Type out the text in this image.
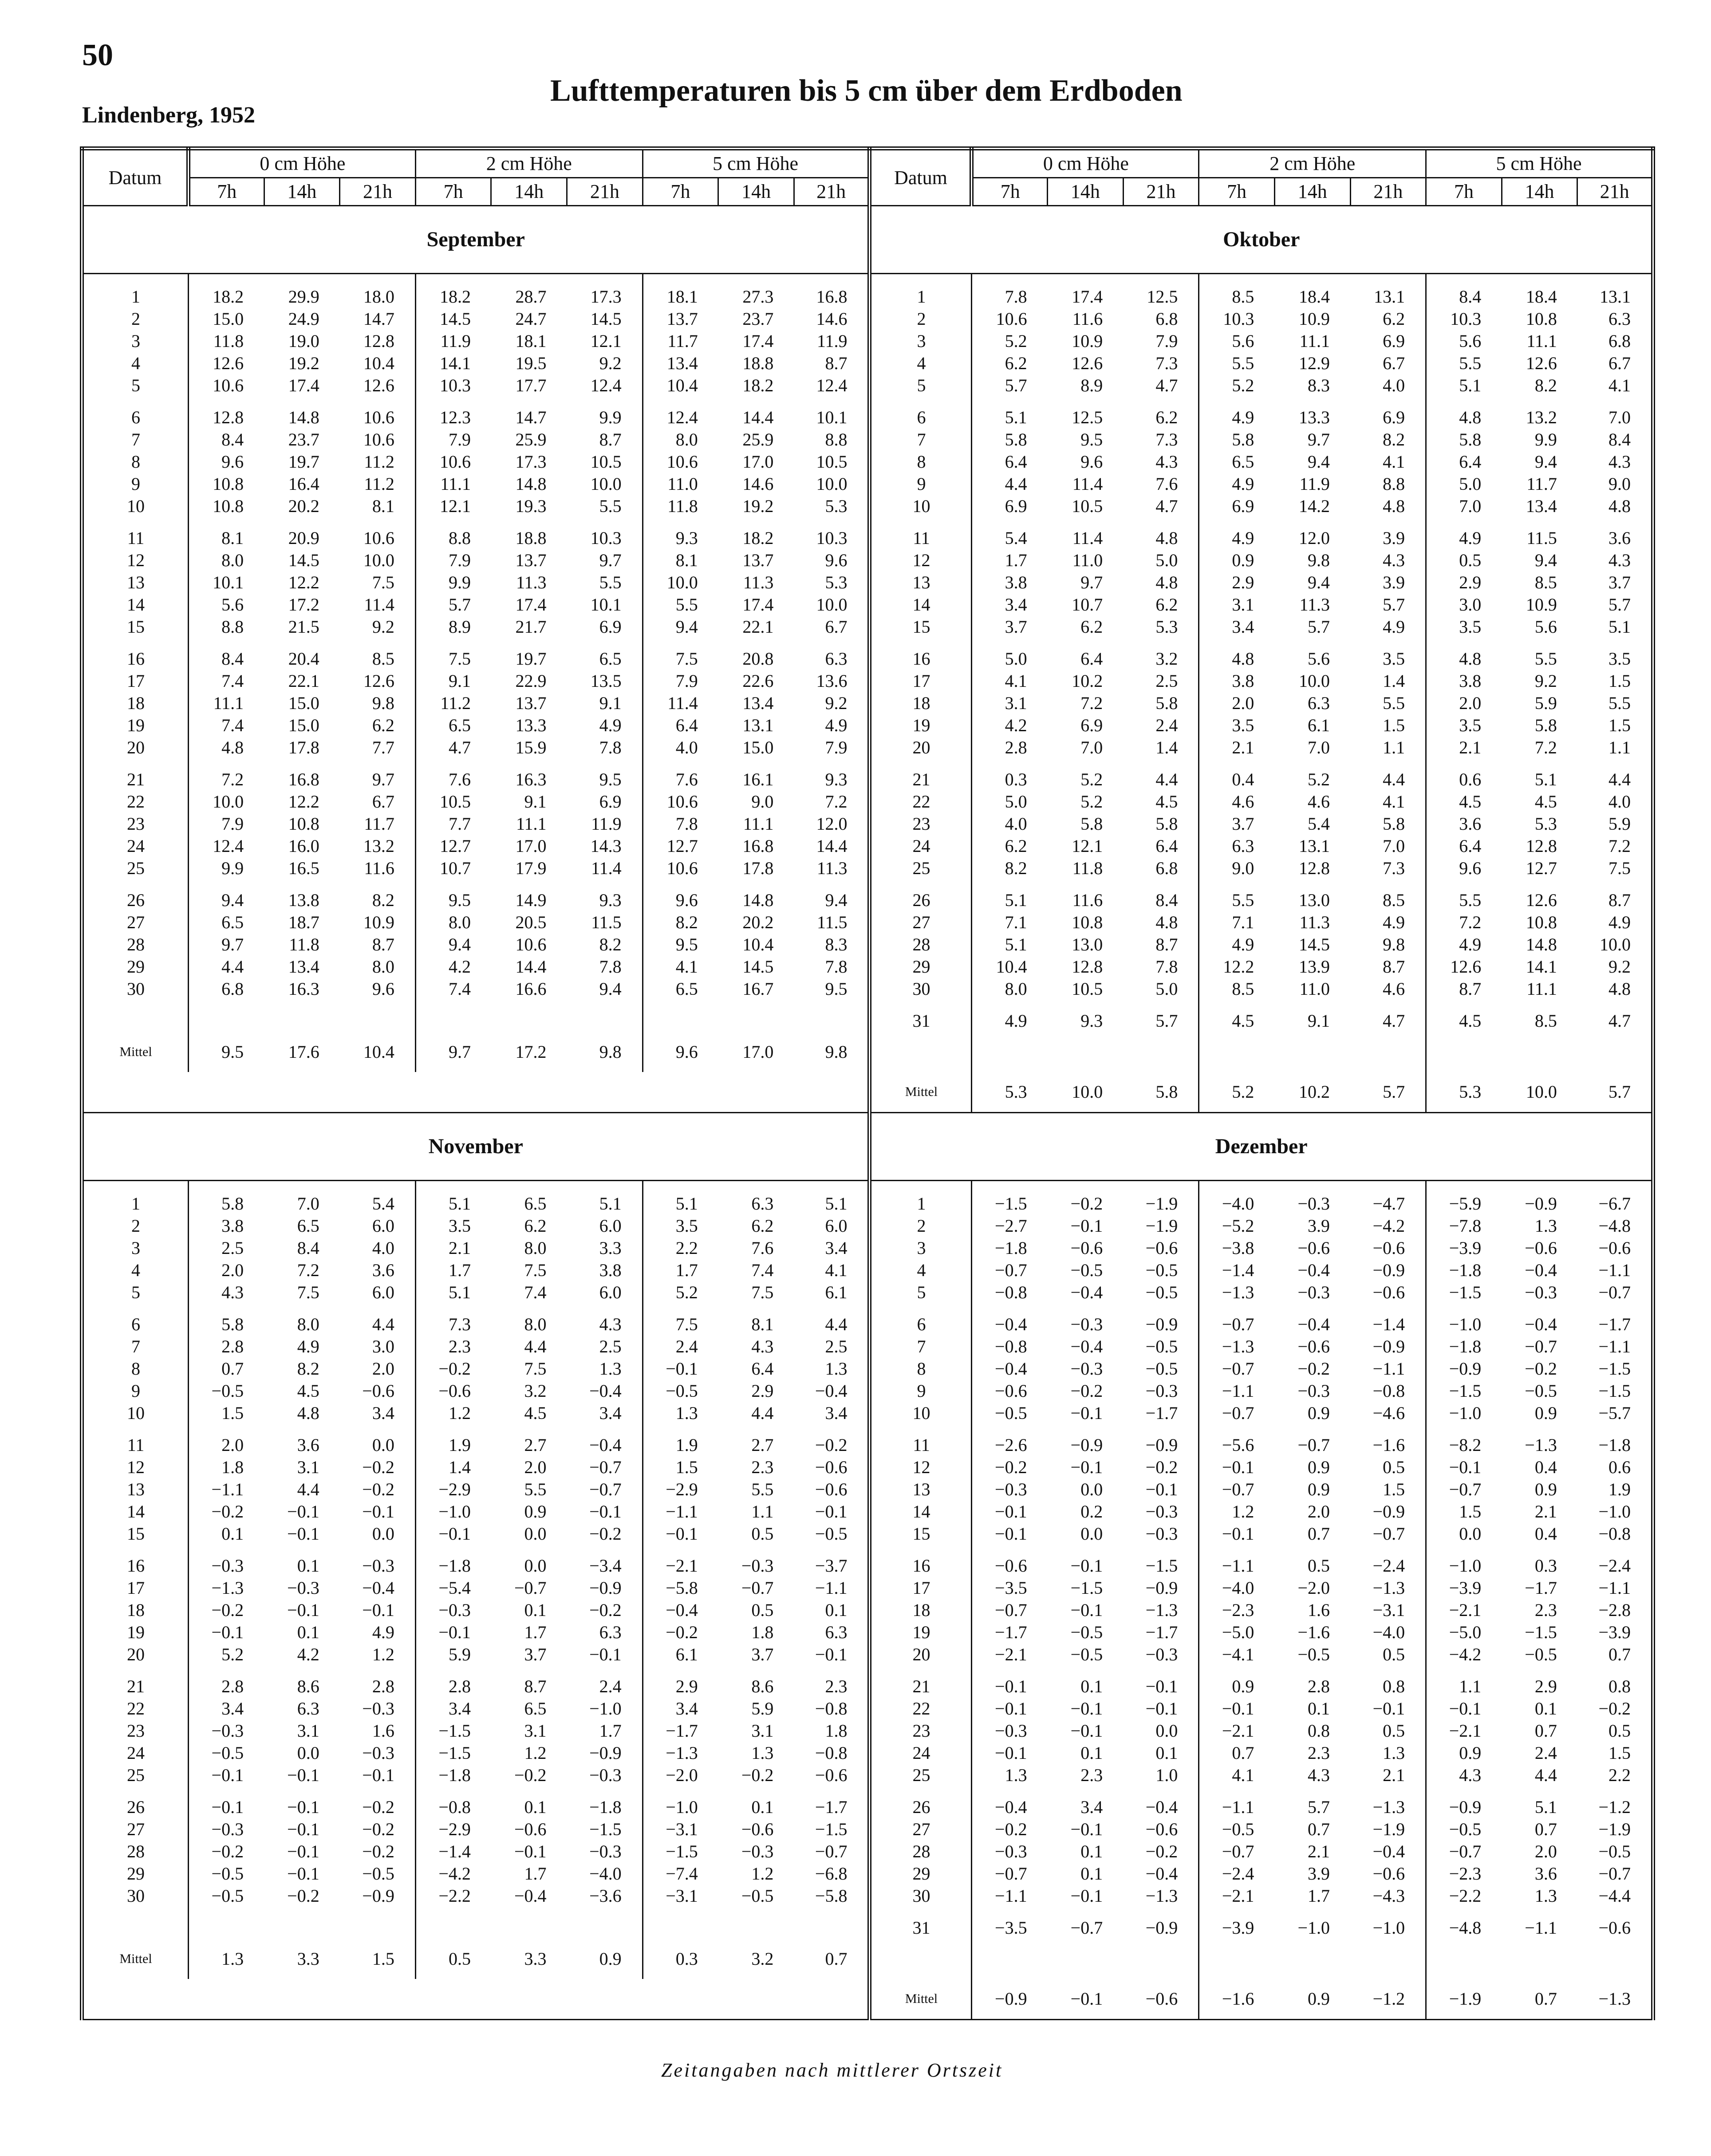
50
Lindenberg, 1952
Lufttemperaturen bis 5 cm über dem Erdboden
Datum	0 cm Höhe			2 cm Höhe			5 cm Höhe			Datum	0 cm Höhe			2 cm Höhe			5 cm Höhe		
	7h	14h	21h	7h	14h	21h	7h	14h	21h		7h	14h	21h	7h	14h	21h	7h	14h	21h
September										Oktober									

1	18.2	29.9	18.0	18.2	28.7	17.3	18.1	27.3	16.8	1	7.8	17.4	12.5	8.5	18.4	13.1	8.4	18.4	13.1
2	15.0	24.9	14.7	14.5	24.7	14.5	13.7	23.7	14.6	2	10.6	11.6	6.8	10.3	10.9	6.2	10.3	10.8	6.3
3	11.8	19.0	12.8	11.9	18.1	12.1	11.7	17.4	11.9	3	5.2	10.9	7.9	5.6	11.1	6.9	5.6	11.1	6.8
4	12.6	19.2	10.4	14.1	19.5	9.2	13.4	18.8	8.7	4	6.2	12.6	7.3	5.5	12.9	6.7	5.5	12.6	6.7
5	10.6	17.4	12.6	10.3	17.7	12.4	10.4	18.2	12.4	5	5.7	8.9	4.7	5.2	8.3	4.0	5.1	8.2	4.1
6	12.8	14.8	10.6	12.3	14.7	9.9	12.4	14.4	10.1	6	5.1	12.5	6.2	4.9	13.3	6.9	4.8	13.2	7.0
7	8.4	23.7	10.6	7.9	25.9	8.7	8.0	25.9	8.8	7	5.8	9.5	7.3	5.8	9.7	8.2	5.8	9.9	8.4
8	9.6	19.7	11.2	10.6	17.3	10.5	10.6	17.0	10.5	8	6.4	9.6	4.3	6.5	9.4	4.1	6.4	9.4	4.3
9	10.8	16.4	11.2	11.1	14.8	10.0	11.0	14.6	10.0	9	4.4	11.4	7.6	4.9	11.9	8.8	5.0	11.7	9.0
10	10.8	20.2	8.1	12.1	19.3	5.5	11.8	19.2	5.3	10	6.9	10.5	4.7	6.9	14.2	4.8	7.0	13.4	4.8
11	8.1	20.9	10.6	8.8	18.8	10.3	9.3	18.2	10.3	11	5.4	11.4	4.8	4.9	12.0	3.9	4.9	11.5	3.6
12	8.0	14.5	10.0	7.9	13.7	9.7	8.1	13.7	9.6	12	1.7	11.0	5.0	0.9	9.8	4.3	0.5	9.4	4.3
13	10.1	12.2	7.5	9.9	11.3	5.5	10.0	11.3	5.3	13	3.8	9.7	4.8	2.9	9.4	3.9	2.9	8.5	3.7
14	5.6	17.2	11.4	5.7	17.4	10.1	5.5	17.4	10.0	14	3.4	10.7	6.2	3.1	11.3	5.7	3.0	10.9	5.7
15	8.8	21.5	9.2	8.9	21.7	6.9	9.4	22.1	6.7	15	3.7	6.2	5.3	3.4	5.7	4.9	3.5	5.6	5.1
16	8.4	20.4	8.5	7.5	19.7	6.5	7.5	20.8	6.3	16	5.0	6.4	3.2	4.8	5.6	3.5	4.8	5.5	3.5
17	7.4	22.1	12.6	9.1	22.9	13.5	7.9	22.6	13.6	17	4.1	10.2	2.5	3.8	10.0	1.4	3.8	9.2	1.5
18	11.1	15.0	9.8	11.2	13.7	9.1	11.4	13.4	9.2	18	3.1	7.2	5.8	2.0	6.3	5.5	2.0	5.9	5.5
19	7.4	15.0	6.2	6.5	13.3	4.9	6.4	13.1	4.9	19	4.2	6.9	2.4	3.5	6.1	1.5	3.5	5.8	1.5
20	4.8	17.8	7.7	4.7	15.9	7.8	4.0	15.0	7.9	20	2.8	7.0	1.4	2.1	7.0	1.1	2.1	7.2	1.1
21	7.2	16.8	9.7	7.6	16.3	9.5	7.6	16.1	9.3	21	0.3	5.2	4.4	0.4	5.2	4.4	0.6	5.1	4.4
22	10.0	12.2	6.7	10.5	9.1	6.9	10.6	9.0	7.2	22	5.0	5.2	4.5	4.6	4.6	4.1	4.5	4.5	4.0
23	7.9	10.8	11.7	7.7	11.1	11.9	7.8	11.1	12.0	23	4.0	5.8	5.8	3.7	5.4	5.8	3.6	5.3	5.9
24	12.4	16.0	13.2	12.7	17.0	14.3	12.7	16.8	14.4	24	6.2	12.1	6.4	6.3	13.1	7.0	6.4	12.8	7.2
25	9.9	16.5	11.6	10.7	17.9	11.4	10.6	17.8	11.3	25	8.2	11.8	6.8	9.0	12.8	7.3	9.6	12.7	7.5
26	9.4	13.8	8.2	9.5	14.9	9.3	9.6	14.8	9.4	26	5.1	11.6	8.4	5.5	13.0	8.5	5.5	12.6	8.7
27	6.5	18.7	10.9	8.0	20.5	11.5	8.2	20.2	11.5	27	7.1	10.8	4.8	7.1	11.3	4.9	7.2	10.8	4.9
28	9.7	11.8	8.7	9.4	10.6	8.2	9.5	10.4	8.3	28	5.1	13.0	8.7	4.9	14.5	9.8	4.9	14.8	10.0
29	4.4	13.4	8.0	4.2	14.4	7.8	4.1	14.5	7.8	29	10.4	12.8	7.8	12.2	13.9	8.7	12.6	14.1	9.2
30	6.8	16.3	9.6	7.4	16.6	9.4	6.5	16.7	9.5	30	8.0	10.5	5.0	8.5	11.0	4.6	8.7	11.1	4.8
										31	4.9	9.3	5.7	4.5	9.1	4.7	4.5	8.5	4.7
Mittel	9.5	17.6	10.4	9.7	17.2	9.8	9.6	17.0	9.8										
										Mittel	5.3	10.0	5.8	5.2	10.2	5.7	5.3	10.0	5.7
November										Dezember									

1	5.8	7.0	5.4	5.1	6.5	5.1	5.1	6.3	5.1	1	−1.5	−0.2	−1.9	−4.0	−0.3	−4.7	−5.9	−0.9	−6.7
2	3.8	6.5	6.0	3.5	6.2	6.0	3.5	6.2	6.0	2	−2.7	−0.1	−1.9	−5.2	3.9	−4.2	−7.8	1.3	−4.8
3	2.5	8.4	4.0	2.1	8.0	3.3	2.2	7.6	3.4	3	−1.8	−0.6	−0.6	−3.8	−0.6	−0.6	−3.9	−0.6	−0.6
4	2.0	7.2	3.6	1.7	7.5	3.8	1.7	7.4	4.1	4	−0.7	−0.5	−0.5	−1.4	−0.4	−0.9	−1.8	−0.4	−1.1
5	4.3	7.5	6.0	5.1	7.4	6.0	5.2	7.5	6.1	5	−0.8	−0.4	−0.5	−1.3	−0.3	−0.6	−1.5	−0.3	−0.7
6	5.8	8.0	4.4	7.3	8.0	4.3	7.5	8.1	4.4	6	−0.4	−0.3	−0.9	−0.7	−0.4	−1.4	−1.0	−0.4	−1.7
7	2.8	4.9	3.0	2.3	4.4	2.5	2.4	4.3	2.5	7	−0.8	−0.4	−0.5	−1.3	−0.6	−0.9	−1.8	−0.7	−1.1
8	0.7	8.2	2.0	−0.2	7.5	1.3	−0.1	6.4	1.3	8	−0.4	−0.3	−0.5	−0.7	−0.2	−1.1	−0.9	−0.2	−1.5
9	−0.5	4.5	−0.6	−0.6	3.2	−0.4	−0.5	2.9	−0.4	9	−0.6	−0.2	−0.3	−1.1	−0.3	−0.8	−1.5	−0.5	−1.5
10	1.5	4.8	3.4	1.2	4.5	3.4	1.3	4.4	3.4	10	−0.5	−0.1	−1.7	−0.7	0.9	−4.6	−1.0	0.9	−5.7
11	2.0	3.6	0.0	1.9	2.7	−0.4	1.9	2.7	−0.2	11	−2.6	−0.9	−0.9	−5.6	−0.7	−1.6	−8.2	−1.3	−1.8
12	1.8	3.1	−0.2	1.4	2.0	−0.7	1.5	2.3	−0.6	12	−0.2	−0.1	−0.2	−0.1	0.9	0.5	−0.1	0.4	0.6
13	−1.1	4.4	−0.2	−2.9	5.5	−0.7	−2.9	5.5	−0.6	13	−0.3	0.0	−0.1	−0.7	0.9	1.5	−0.7	0.9	1.9
14	−0.2	−0.1	−0.1	−1.0	0.9	−0.1	−1.1	1.1	−0.1	14	−0.1	0.2	−0.3	1.2	2.0	−0.9	1.5	2.1	−1.0
15	0.1	−0.1	0.0	−0.1	0.0	−0.2	−0.1	0.5	−0.5	15	−0.1	0.0	−0.3	−0.1	0.7	−0.7	0.0	0.4	−0.8
16	−0.3	0.1	−0.3	−1.8	0.0	−3.4	−2.1	−0.3	−3.7	16	−0.6	−0.1	−1.5	−1.1	0.5	−2.4	−1.0	0.3	−2.4
17	−1.3	−0.3	−0.4	−5.4	−0.7	−0.9	−5.8	−0.7	−1.1	17	−3.5	−1.5	−0.9	−4.0	−2.0	−1.3	−3.9	−1.7	−1.1
18	−0.2	−0.1	−0.1	−0.3	0.1	−0.2	−0.4	0.5	0.1	18	−0.7	−0.1	−1.3	−2.3	1.6	−3.1	−2.1	2.3	−2.8
19	−0.1	0.1	4.9	−0.1	1.7	6.3	−0.2	1.8	6.3	19	−1.7	−0.5	−1.7	−5.0	−1.6	−4.0	−5.0	−1.5	−3.9
20	5.2	4.2	1.2	5.9	3.7	−0.1	6.1	3.7	−0.1	20	−2.1	−0.5	−0.3	−4.1	−0.5	0.5	−4.2	−0.5	0.7
21	2.8	8.6	2.8	2.8	8.7	2.4	2.9	8.6	2.3	21	−0.1	0.1	−0.1	0.9	2.8	0.8	1.1	2.9	0.8
22	3.4	6.3	−0.3	3.4	6.5	−1.0	3.4	5.9	−0.8	22	−0.1	−0.1	−0.1	−0.1	0.1	−0.1	−0.1	0.1	−0.2
23	−0.3	3.1	1.6	−1.5	3.1	1.7	−1.7	3.1	1.8	23	−0.3	−0.1	0.0	−2.1	0.8	0.5	−2.1	0.7	0.5
24	−0.5	0.0	−0.3	−1.5	1.2	−0.9	−1.3	1.3	−0.8	24	−0.1	0.1	0.1	0.7	2.3	1.3	0.9	2.4	1.5
25	−0.1	−0.1	−0.1	−1.8	−0.2	−0.3	−2.0	−0.2	−0.6	25	1.3	2.3	1.0	4.1	4.3	2.1	4.3	4.4	2.2
26	−0.1	−0.1	−0.2	−0.8	0.1	−1.8	−1.0	0.1	−1.7	26	−0.4	3.4	−0.4	−1.1	5.7	−1.3	−0.9	5.1	−1.2
27	−0.3	−0.1	−0.2	−2.9	−0.6	−1.5	−3.1	−0.6	−1.5	27	−0.2	−0.1	−0.6	−0.5	0.7	−1.9	−0.5	0.7	−1.9
28	−0.2	−0.1	−0.2	−1.4	−0.1	−0.3	−1.5	−0.3	−0.7	28	−0.3	0.1	−0.2	−0.7	2.1	−0.4	−0.7	2.0	−0.5
29	−0.5	−0.1	−0.5	−4.2	1.7	−4.0	−7.4	1.2	−6.8	29	−0.7	0.1	−0.4	−2.4	3.9	−0.6	−2.3	3.6	−0.7
30	−0.5	−0.2	−0.9	−2.2	−0.4	−3.6	−3.1	−0.5	−5.8	30	−1.1	−0.1	−1.3	−2.1	1.7	−4.3	−2.2	1.3	−4.4
										31	−3.5	−0.7	−0.9	−3.9	−1.0	−1.0	−4.8	−1.1	−0.6
Mittel	1.3	3.3	1.5	0.5	3.3	0.9	0.3	3.2	0.7										
										Mittel	−0.9	−0.1	−0.6	−1.6	0.9	−1.2	−1.9	0.7	−1.3
Zeitangaben nach mittlerer Ortszeit
